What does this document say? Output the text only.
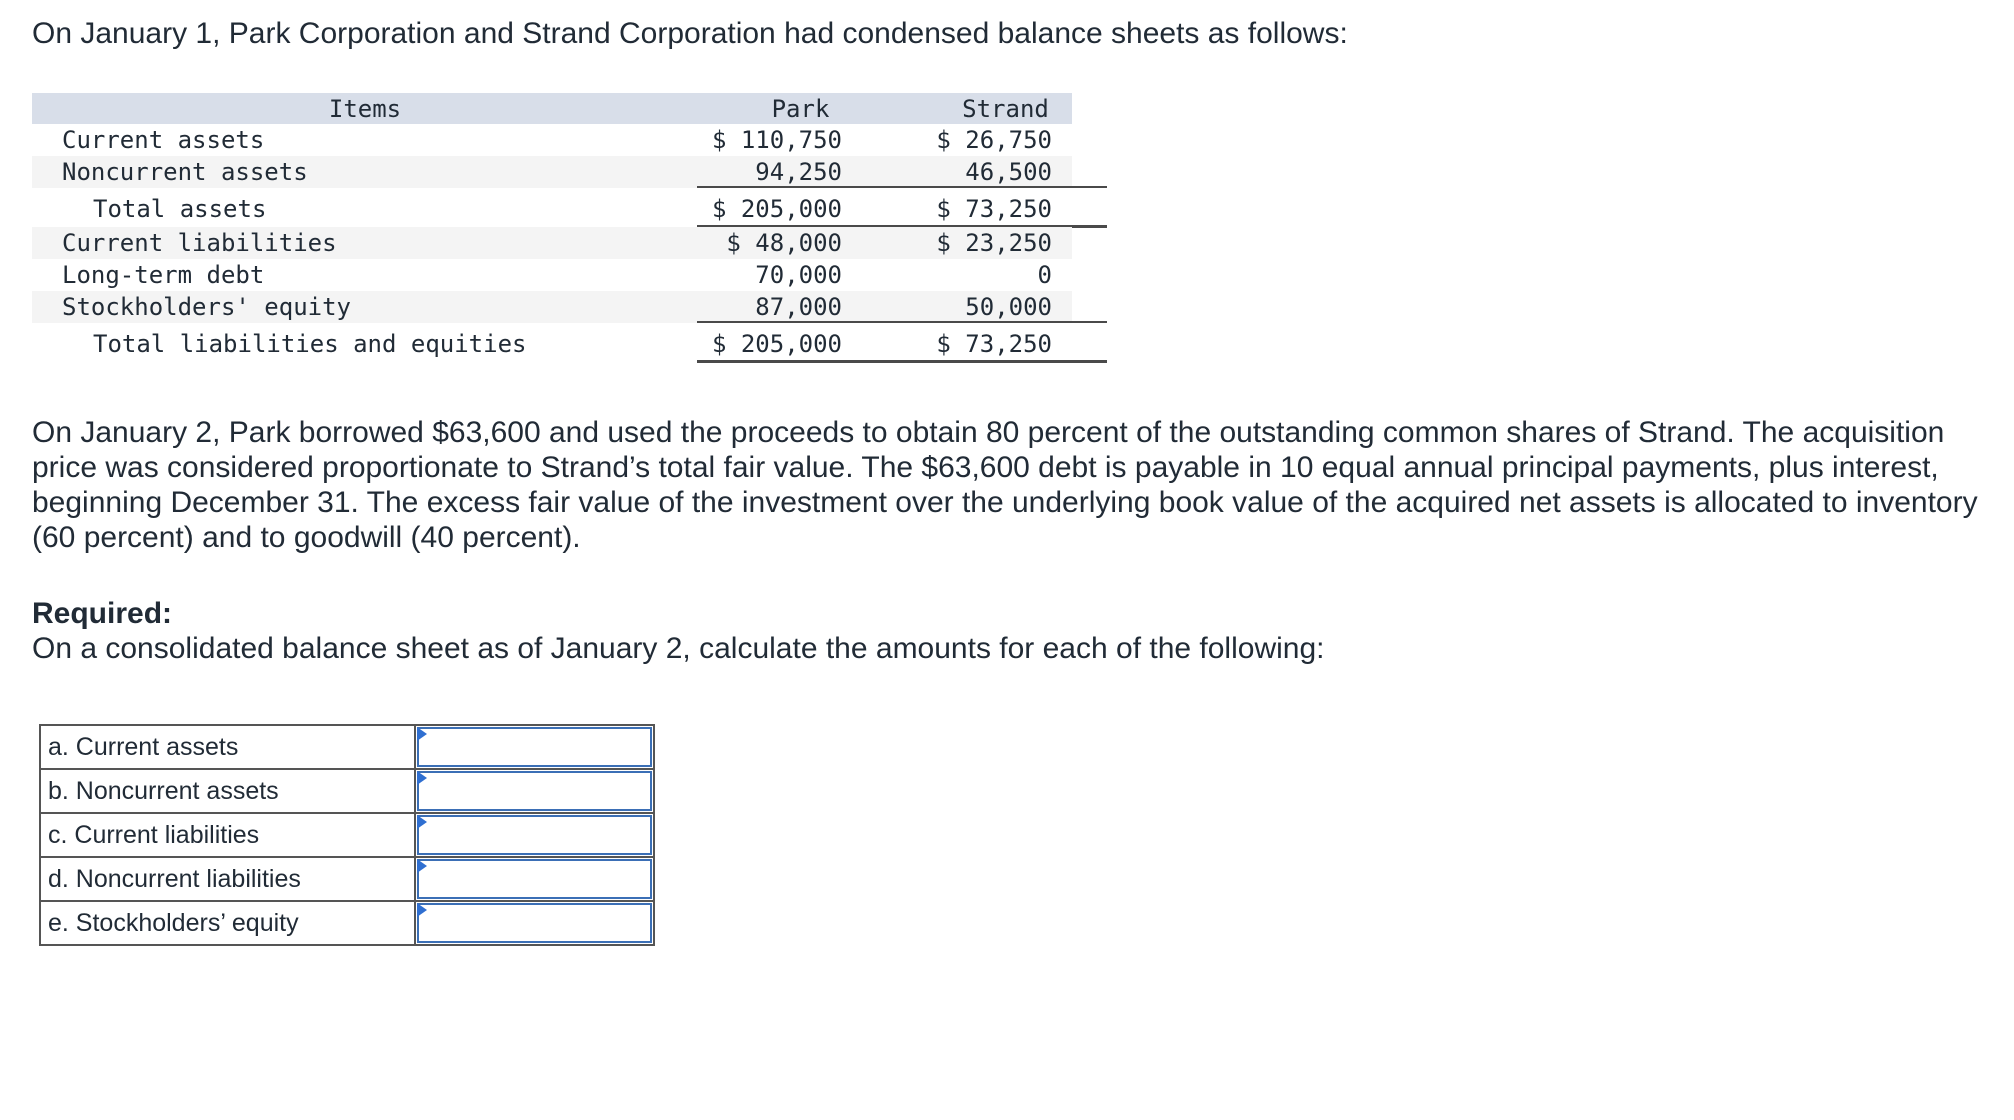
On January 1, Park Corporation and Strand Corporation had condensed balance sheets as follows:
Items	Park	Strand
Current assets	$ 110,750	$ 26,750
Noncurrent assets	94,250	46,500
Total assets	$ 205,000	$ 73,250
Current liabilities	$ 48,000	$ 23,250
Long-term debt	70,000	0
Stockholders' equity	87,000	50,000
Total liabilities and equities	$ 205,000	$ 73,250
On January 2, Park borrowed $63,600 and used the proceeds to obtain 80 percent of the outstanding common shares of Strand. The acquisition price was considered proportionate to Strand’s total fair value. The $63,600 debt is payable in 10 equal annual principal payments, plus interest, beginning December 31. The excess fair value of the investment over the underlying book value of the acquired net assets is allocated to inventory (60 percent) and to goodwill (40 percent).
Required:
On a consolidated balance sheet as of January 2, calculate the amounts for each of the following:
a. Current assets	

b. Noncurrent assets	

c. Current liabilities	

d. Noncurrent liabilities	

e. Stockholders’ equity	
